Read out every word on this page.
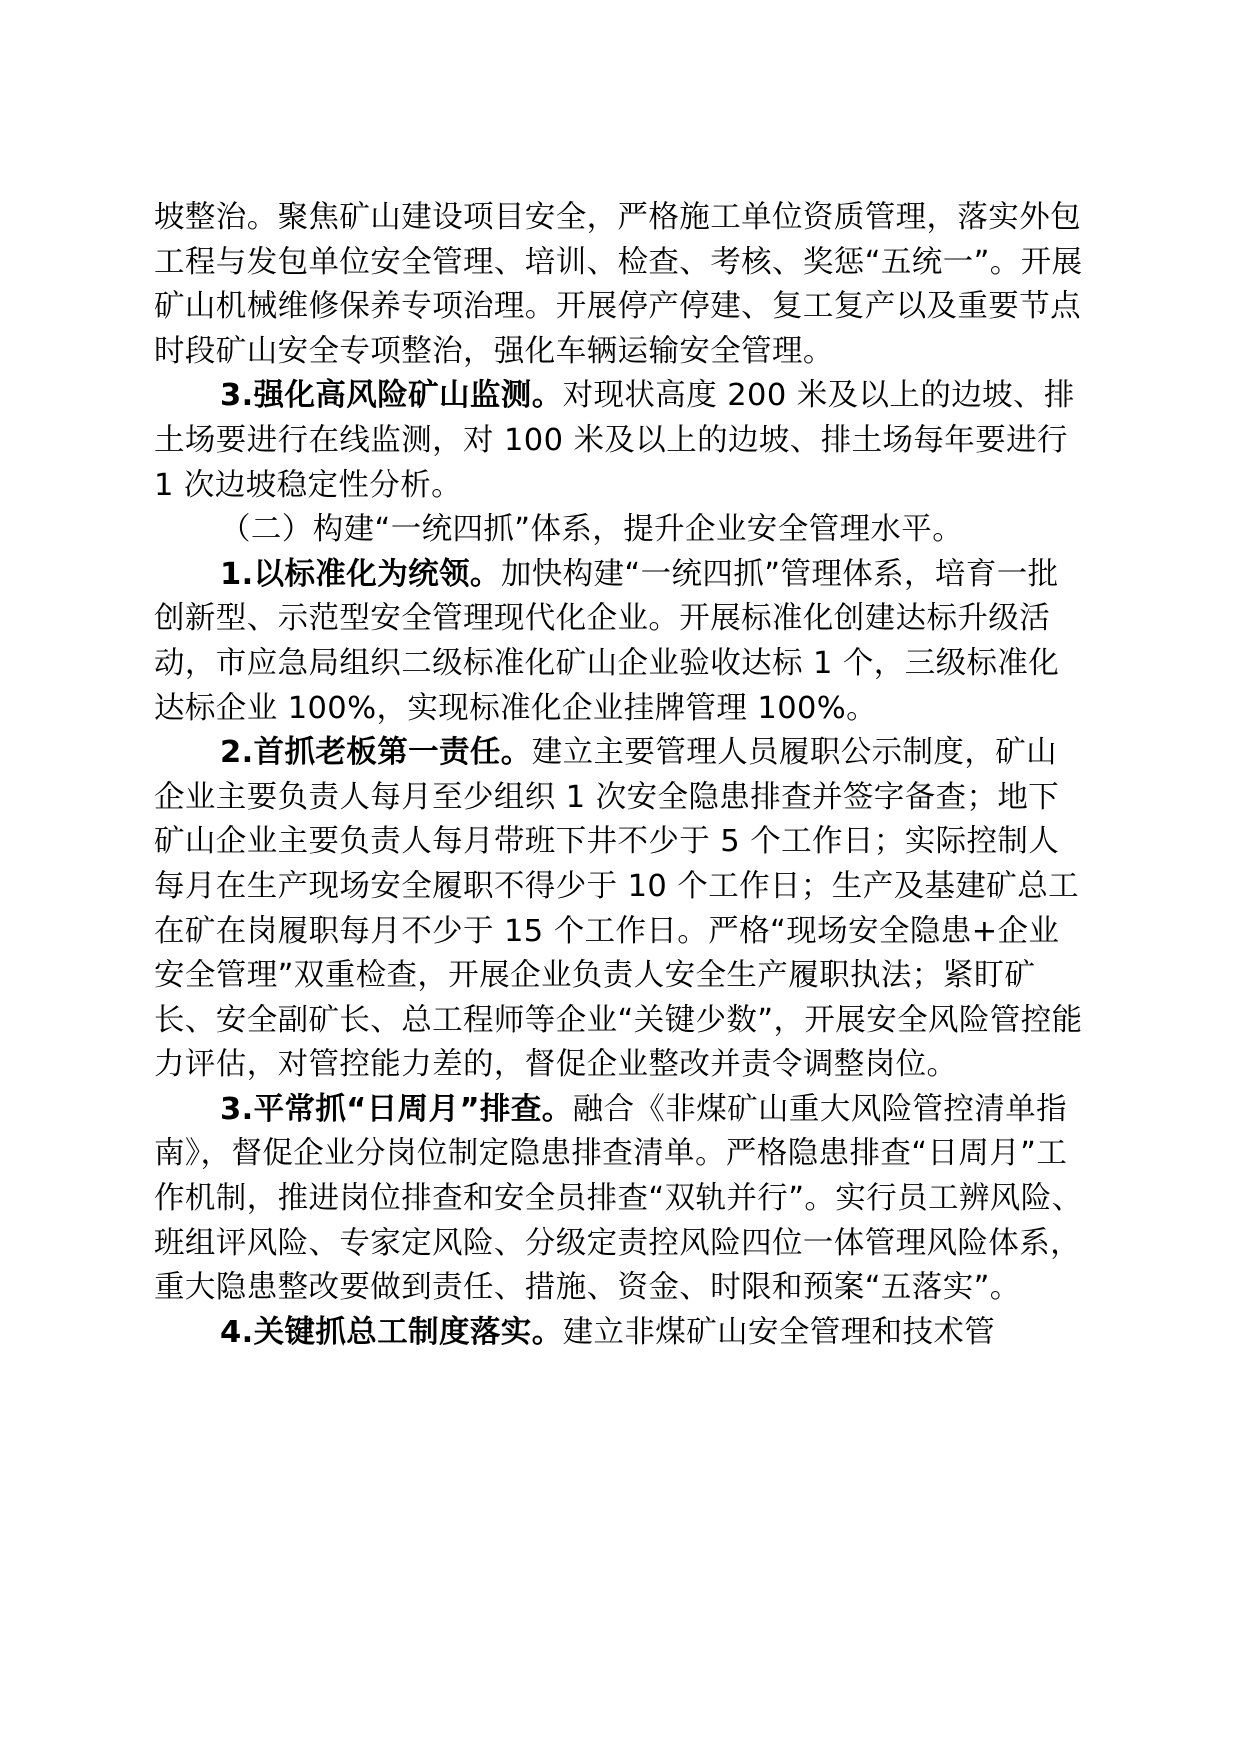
坡整治。聚焦矿山建设项目安全，严格施工单位资质管理，落实外包工程与发包单位安全管理、培训、检查、考核、奖惩“五统一”。开展矿山机械维修保养专项治理。开展停产停建、复工复产以及重要节点时段矿山安全专项整治，强化车辆运输安全管理。

3.强化高风险矿山监测。对现状高度 200 米及以上的边坡、排土场要进行在线监测，对 100 米及以上的边坡、排土场每年要进行 1 次边坡稳定性分析。

（二）构建“一统四抓”体系，提升企业安全管理水平。

1.以标准化为统领。加快构建“一统四抓”管理体系，培育一批创新型、示范型安全管理现代化企业。开展标准化创建达标升级活动，市应急局组织二级标准化矿山企业验收达标 1 个，三级标准化达标企业 100%，实现标准化企业挂牌管理 100%。

2.首抓老板第一责任。建立主要管理人员履职公示制度，矿山企业主要负责人每月至少组织 1 次安全隐患排查并签字备查；地下矿山企业主要负责人每月带班下井不少于 5 个工作日；实际控制人每月在生产现场安全履职不得少于 10 个工作日；生产及基建矿总工在矿在岗履职每月不少于 15 个工作日。严格“现场安全隐患+企业安全管理”双重检查，开展企业负责人安全生产履职执法；紧盯矿长、安全副矿长、总工程师等企业“关键少数”，开展安全风险管控能力评估，对管控能力差的，督促企业整改并责令调整岗位。

3.平常抓“日周月”排查。融合《非煤矿山重大风险管控清单指南》，督促企业分岗位制定隐患排查清单。严格隐患排查“日周月”工作机制，推进岗位排查和安全员排查“双轨并行”。实行员工辨风险、班组评风险、专家定风险、分级定责控风险四位一体管理风险体系，重大隐患整改要做到责任、措施、资金、时限和预案“五落实”。

4.关键抓总工制度落实。建立非煤矿山安全管理和技术管
